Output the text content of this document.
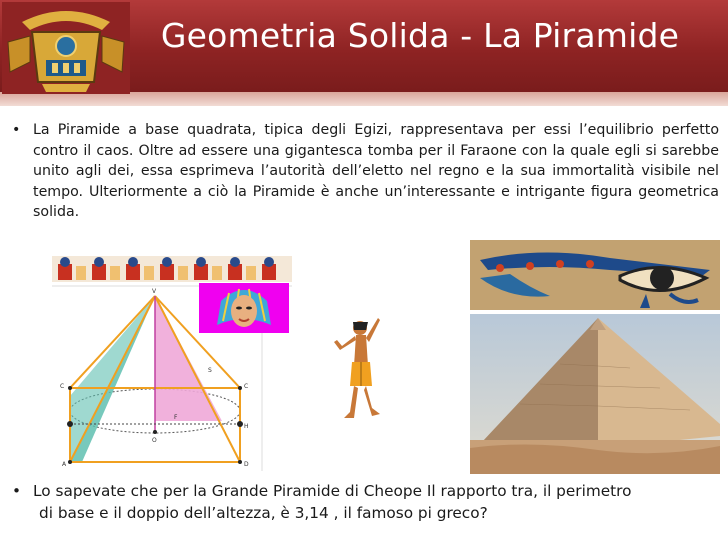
Geometria Solida - La Piramide
• La Piramide a base quadrata, tipica degli Egizi, rappresentava per essi l’equilibrio perfetto contro il caos. Oltre ad essere una gigantesca tomba per il Faraone con la quale egli si sarebbe unito agli dei, essa esprimeva l’autorità dell’eletto nel regno e la sua immortalità visibile nel tempo. Ulteriormente a ciò la Piramide è anche un’interessante e intrigante figura geometrica solida.
V
C	C
O
H
F
S
A	D
• Lo sapevate che per la Grande Piramide di Cheope Il rapporto tra, il perimetro
di base e il doppio dell’altezza, è 3,14 , il famoso pi greco?
